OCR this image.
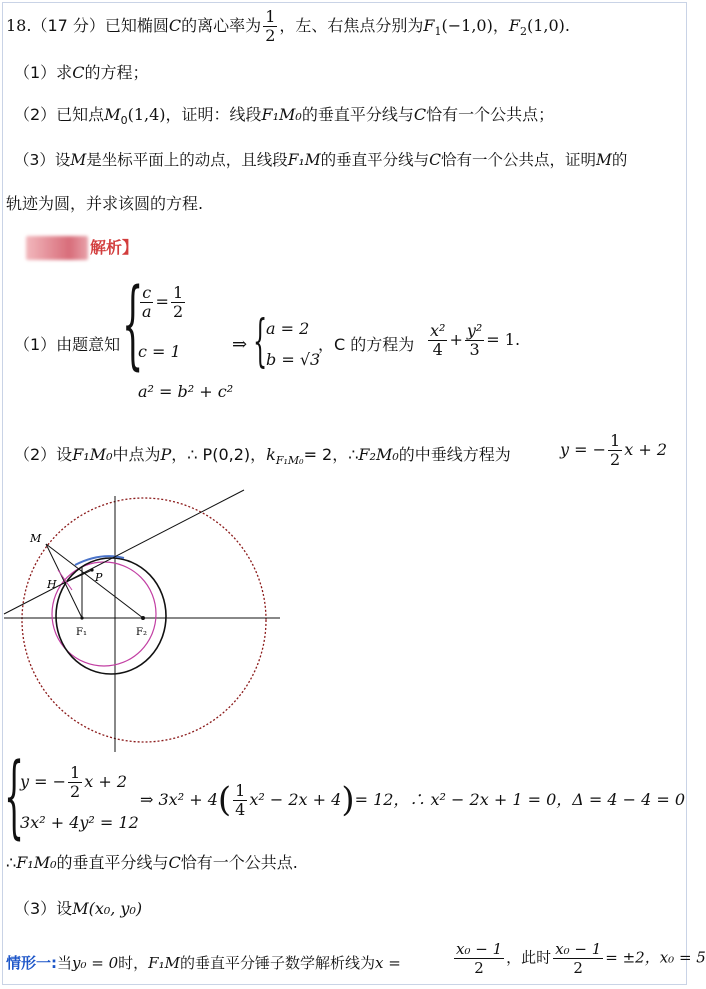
18.（17 分）已知椭圆C的离心率为 $\frac{1}{2}$ ，左、右焦点分别为$F_1(-1,0)$，$F_2(1,0)$.
（1）求C的方程；
（2）已知点$M_0(1,4)$，证明：线段F₁M₀的垂直平分线与C恰有一个公共点；
（3）设M是坐标平面上的动点，且线段F₁M的垂直平分线与C恰有一个公共点，证明M的
轨迹为圆，并求该圆的方程.
解析】
（1）由题意知 {
$\frac{c}{a} = \frac{1}{2}$
c = 1
a² = b² + c²
⇒ {
a = 2
b = √3
，C 的方程为 $\frac{\text{x²}}{4} + \frac{\text{y²}}{3} = 1$.
（2）设F₁M₀中点为P，∴ P(0,2)，$k_{F_1M_0}= 2$，∴F₂M₀的中垂线方程为	y = − $\frac{1}{2}$ x + 2
M
H
P
F₁	F₂
{
y = − $\frac{1}{2}$ x + 2
3x² + 4y² = 12
⇒ $3x^2 + 4( \frac{1}{4} x^2 - 2x + 4)= 12$，∴ x² − 2x + 1 = 0，Δ = 4 − 4 = 0
∴F₁M₀的垂直平分线与C恰有一个公共点.
（3）设M(x₀, y₀)
情形一:当y₀ = 0时，F₁M的垂直平分锤子数学解析线为x =	$\frac{\text{x₀ − 1}}{2}$ ，此时 $\frac{\text{x₀ − 1}}{2} = \pm 2$，x₀ = 5
